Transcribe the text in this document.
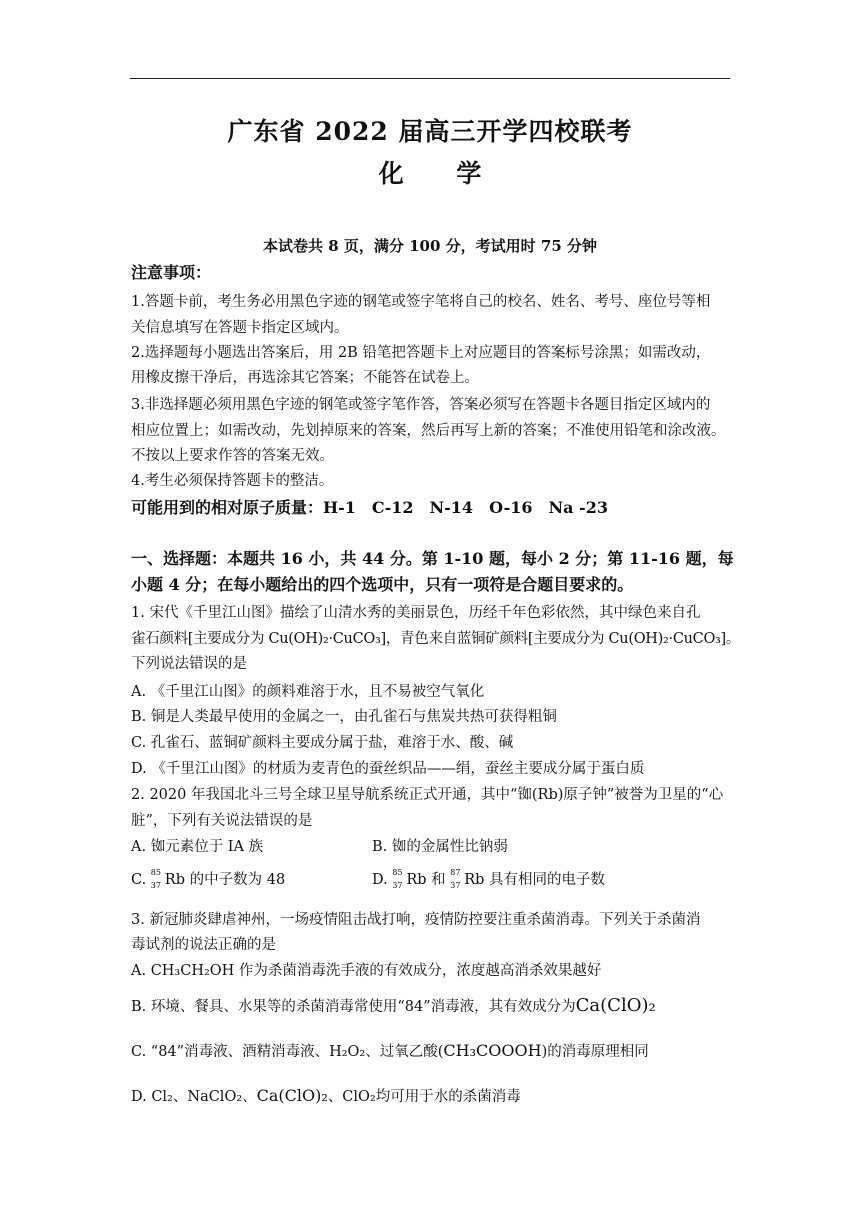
广东省 2022 届高三开学四校联考
化 学
本试卷共 8 页，满分 100 分，考试用时 75 分钟
注意事项：
1.答题卡前，考生务必用黑色字迹的钢笔或签字笔将自己的校名、姓名、考号、座位号等相
关信息填写在答题卡指定区域内。
2.选择题每小题选出答案后，用 2B 铅笔把答题卡上对应题目的答案标号涂黑；如需改动，
用橡皮擦干净后，再选涂其它答案；不能答在试卷上。
3.非选择题必须用黑色字迹的钢笔或签字笔作答，答案必须写在答题卡各题目指定区域内的
相应位置上；如需改动，先划掉原来的答案，然后再写上新的答案；不准使用铅笔和涂改液。
不按以上要求作答的答案无效。
4.考生必须保持答题卡的整洁。
可能用到的相对原子质量：H-1　C-12　N-14　O-16　Na -23
一、选择题：本题共 16 小，共 44 分。第 1-10 题，每小 2 分；第 11-16 题，每
小题 4 分；在每小题给出的四个选项中，只有一项符是合题目要求的。
1. 宋代《千里江山图》描绘了山清水秀的美丽景色，历经千年色彩依然，其中绿色来自孔
雀石颜料[主要成分为 Cu(OH)₂·CuCO₃]，青色来自蓝铜矿颜料[主要成分为 Cu(OH)₂·CuCO₃]。
下列说法错误的是
A. 《千里江山图》的颜料难溶于水，且不易被空气氧化
B. 铜是人类最早使用的金属之一，由孔雀石与焦炭共热可获得粗铜
C. 孔雀石、蓝铜矿颜料主要成分属于盐，难溶于水、酸、碱
D. 《千里江山图》的材质为麦青色的蚕丝织品——绢，蚕丝主要成分属于蛋白质
2. 2020 年我国北斗三号全球卫星导航系统正式开通，其中“铷(Rb)原子钟”被誉为卫星的“心
脏”，下列有关说法错误的是
A. 铷元素位于 IA 族	B. 铷的金属性比钠弱
C. 85
37 Rb 的中子数为 48	D. 85
37 Rb 和 87
37 Rb 具有相同的电子数
3. 新冠肺炎肆虐神州，一场疫情阻击战打响，疫情防控要注重杀菌消毒。下列关于杀菌消
毒试剂的说法正确的是
A. CH₃CH₂OH 作为杀菌消毒洗手液的有效成分，浓度越高消杀效果越好
B. 环境、餐具、水果等的杀菌消毒常使用“84”消毒液，其有效成分为Ca(ClO)₂
C. “84”消毒液、酒精消毒液、H₂O₂、过氧乙酸(CH₃COOOH)的消毒原理相同
D. Cl₂、NaClO₂、Ca(ClO)₂、ClO₂均可用于水的杀菌消毒
